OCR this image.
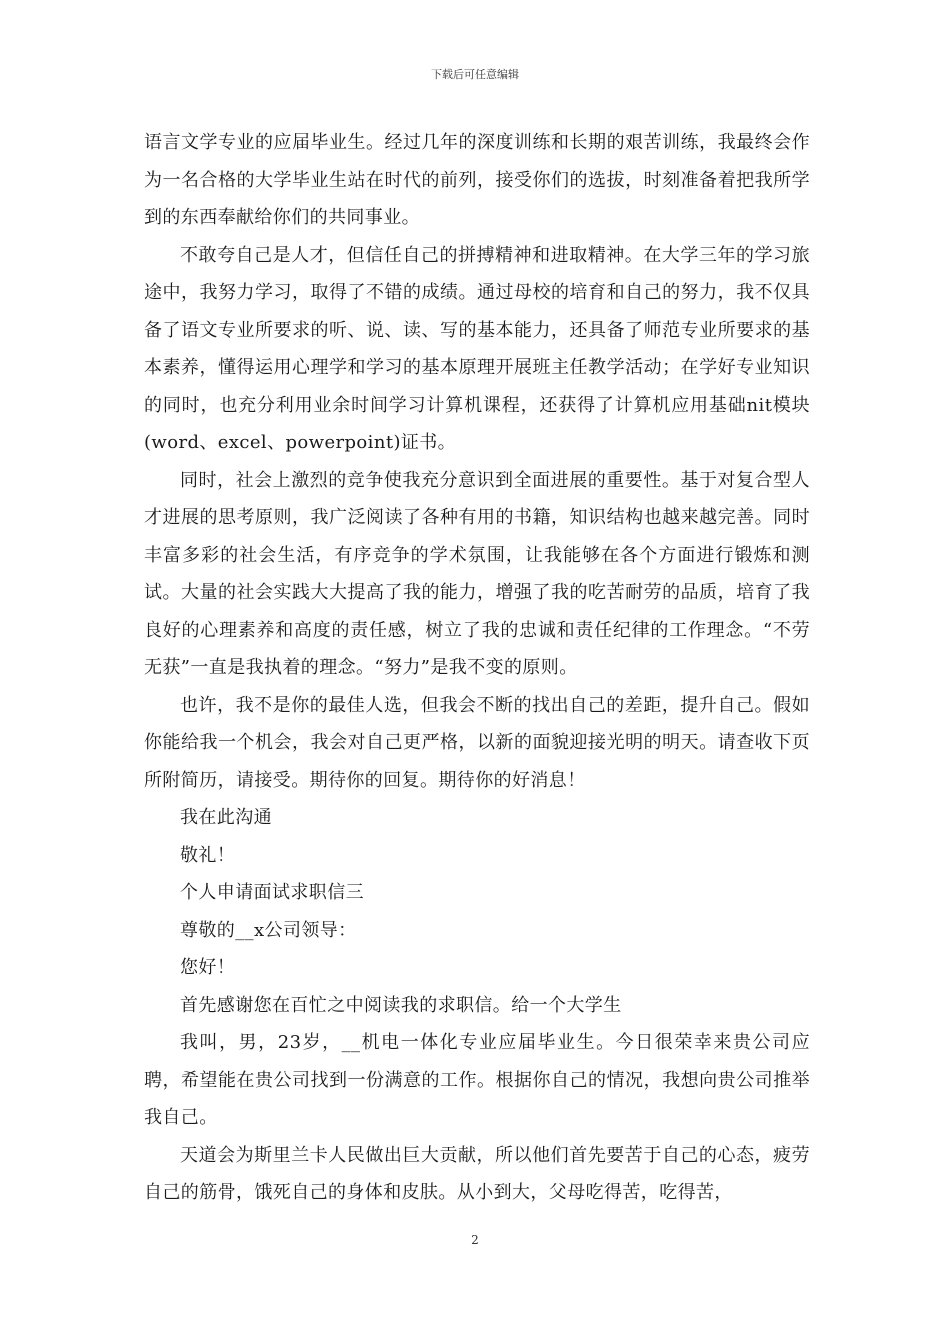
下载后可任意编辑

语言文学专业的应届毕业生。经过几年的深度训练和长期的艰苦训练，我最终会作为一名合格的大学毕业生站在时代的前列，接受你们的选拔，时刻准备着把我所学到的东西奉献给你们的共同事业。

不敢夸自己是人才，但信任自己的拼搏精神和进取精神。在大学三年的学习旅途中，我努力学习，取得了不错的成绩。通过母校的培育和自己的努力，我不仅具备了语文专业所要求的听、说、读、写的基本能力，还具备了师范专业所要求的基本素养，懂得运用心理学和学习的基本原理开展班主任教学活动；在学好专业知识的同时，也充分利用业余时间学习计算机课程，还获得了计算机应用基础nit模块(word、excel、powerpoint)证书。

同时，社会上激烈的竞争使我充分意识到全面进展的重要性。基于对复合型人才进展的思考原则，我广泛阅读了各种有用的书籍，知识结构也越来越完善。同时丰富多彩的社会生活，有序竞争的学术氛围，让我能够在各个方面进行锻炼和测试。大量的社会实践大大提高了我的能力，增强了我的吃苦耐劳的品质，培育了我良好的心理素养和高度的责任感，树立了我的忠诚和责任纪律的工作理念。“不劳无获”一直是我执着的理念。“努力”是我不变的原则。

也许，我不是你的最佳人选，但我会不断的找出自己的差距，提升自己。假如你能给我一个机会，我会对自己更严格，以新的面貌迎接光明的明天。请查收下页所附简历，请接受。期待你的回复。期待你的好消息！

我在此沟通

敬礼！

个人申请面试求职信三

尊敬的__x公司领导：

您好！

首先感谢您在百忙之中阅读我的求职信。给一个大学生

我叫，男，23岁，__机电一体化专业应届毕业生。今日很荣幸来贵公司应聘，希望能在贵公司找到一份满意的工作。根据你自己的情况，我想向贵公司推举我自己。

天道会为斯里兰卡人民做出巨大贡献，所以他们首先要苦于自己的心态，疲劳自己的筋骨，饿死自己的身体和皮肤。从小到大，父母吃得苦，吃得苦，

2
